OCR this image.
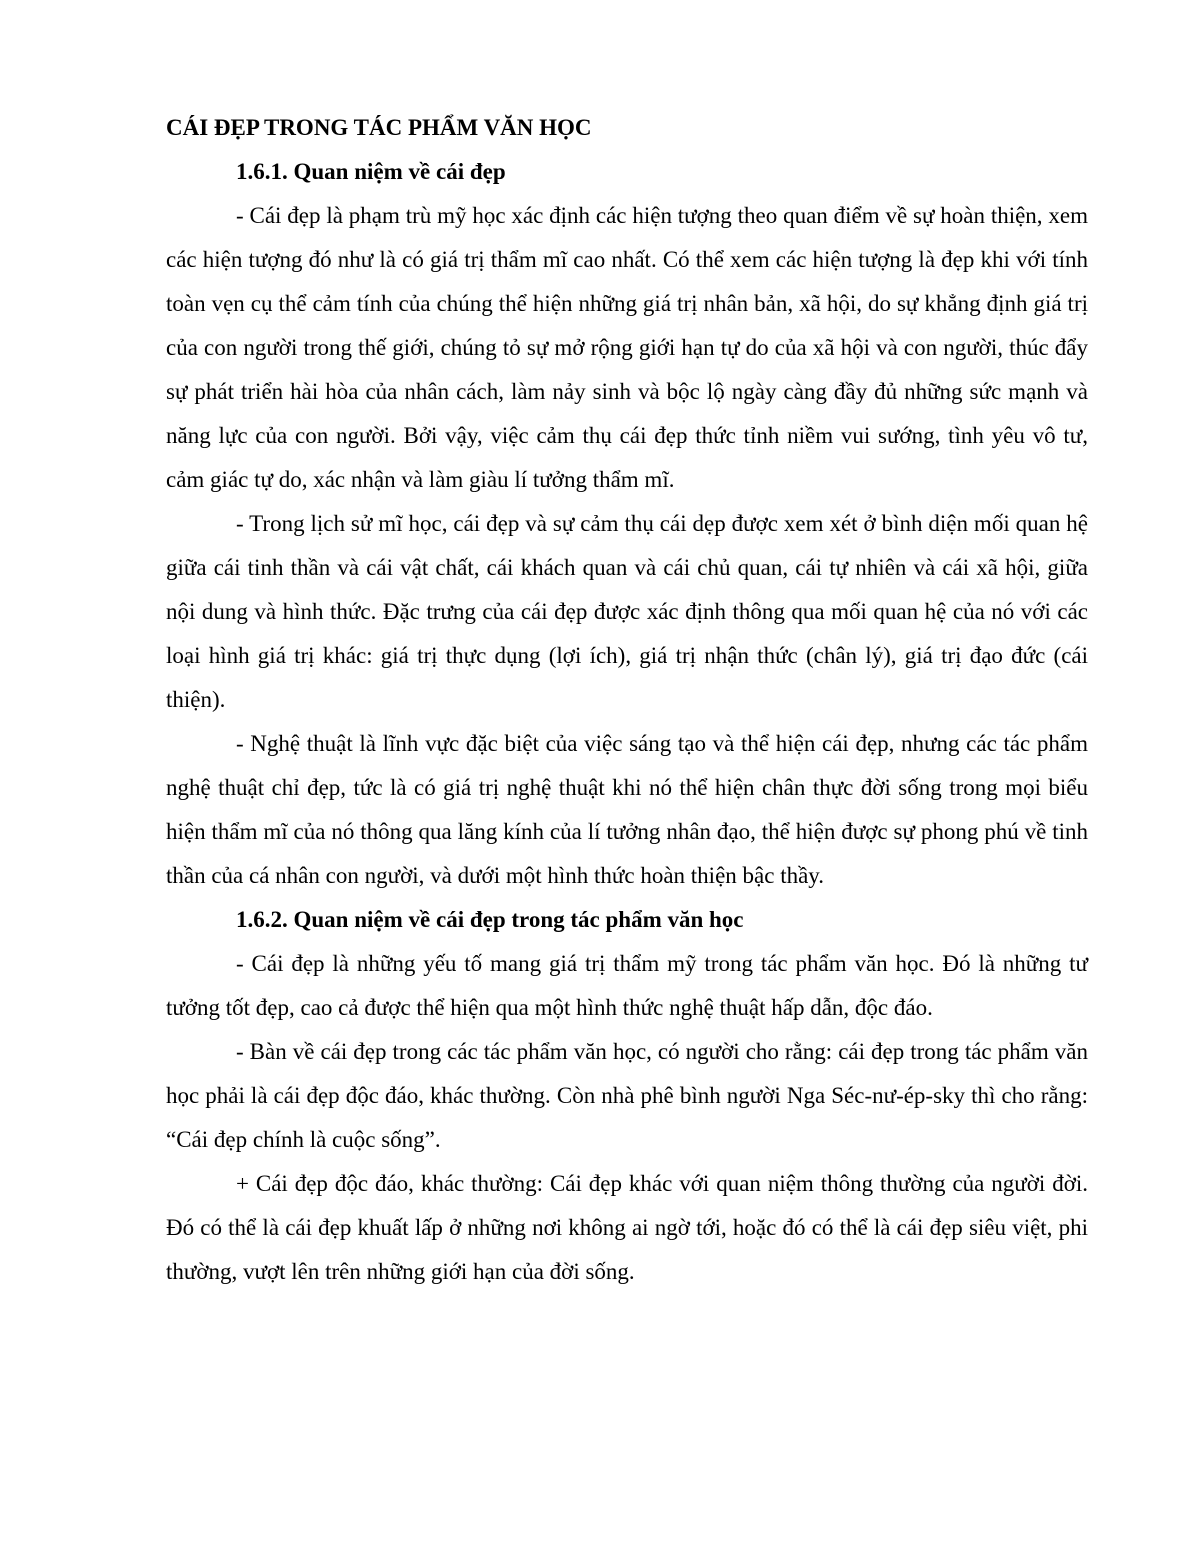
CÁI ĐẸP TRONG TÁC PHẨM VĂN HỌC

1.6.1. Quan niệm về cái đẹp

- Cái đẹp là phạm trù mỹ học xác định các hiện tượng theo quan điểm về sự hoàn thiện, xem các hiện tượng đó như là có giá trị thẩm mĩ cao nhất. Có thể xem các hiện tượng là đẹp khi với tính toàn vẹn cụ thể cảm tính của chúng thể hiện những giá trị nhân bản, xã hội, do sự khẳng định giá trị của con người trong thế giới, chúng tỏ sự mở rộng giới hạn tự do của xã hội và con người, thúc đẩy sự phát triển hài hòa của nhân cách, làm nảy sinh và bộc lộ ngày càng đầy đủ những sức mạnh và năng lực của con người. Bởi vậy, việc cảm thụ cái đẹp thức tỉnh niềm vui sướng, tình yêu vô tư, cảm giác tự do, xác nhận và làm giàu lí tưởng thẩm mĩ.

- Trong lịch sử mĩ học, cái đẹp và sự cảm thụ cái dẹp được xem xét ở bình diện mối quan hệ giữa cái tinh thần và cái vật chất, cái khách quan và cái chủ quan, cái tự nhiên và cái xã hội, giữa nội dung và hình thức. Đặc trưng của cái đẹp được xác định thông qua mối quan hệ của nó với các loại hình giá trị khác: giá trị thực dụng (lợi ích), giá trị nhận thức (chân lý), giá trị đạo đức (cái thiện).

- Nghệ thuật là lĩnh vực đặc biệt của việc sáng tạo và thể hiện cái đẹp, nhưng các tác phẩm nghệ thuật chỉ đẹp, tức là có giá trị nghệ thuật khi nó thể hiện chân thực đời sống trong mọi biểu hiện thẩm mĩ của nó thông qua lăng kính của lí tưởng nhân đạo, thể hiện được sự phong phú về tinh thần của cá nhân con người, và dưới một hình thức hoàn thiện bậc thầy.

1.6.2. Quan niệm về cái đẹp trong tác phẩm văn học

- Cái đẹp là những yếu tố mang giá trị thẩm mỹ trong tác phẩm văn học. Đó là những tư tưởng tốt đẹp, cao cả được thể hiện qua một hình thức nghệ thuật hấp dẫn, độc đáo.

- Bàn về cái đẹp trong các tác phẩm văn học, có người cho rằng: cái đẹp trong tác phẩm văn học phải là cái đẹp độc đáo, khác thường. Còn nhà phê bình người Nga Séc-nư-ép-sky thì cho rằng: “Cái đẹp chính là cuộc sống”.

+ Cái đẹp độc đáo, khác thường: Cái đẹp khác với quan niệm thông thường của người đời. Đó có thể là cái đẹp khuất lấp ở những nơi không ai ngờ tới, hoặc đó có thể là cái đẹp siêu việt, phi thường, vượt lên trên những giới hạn của đời sống.
